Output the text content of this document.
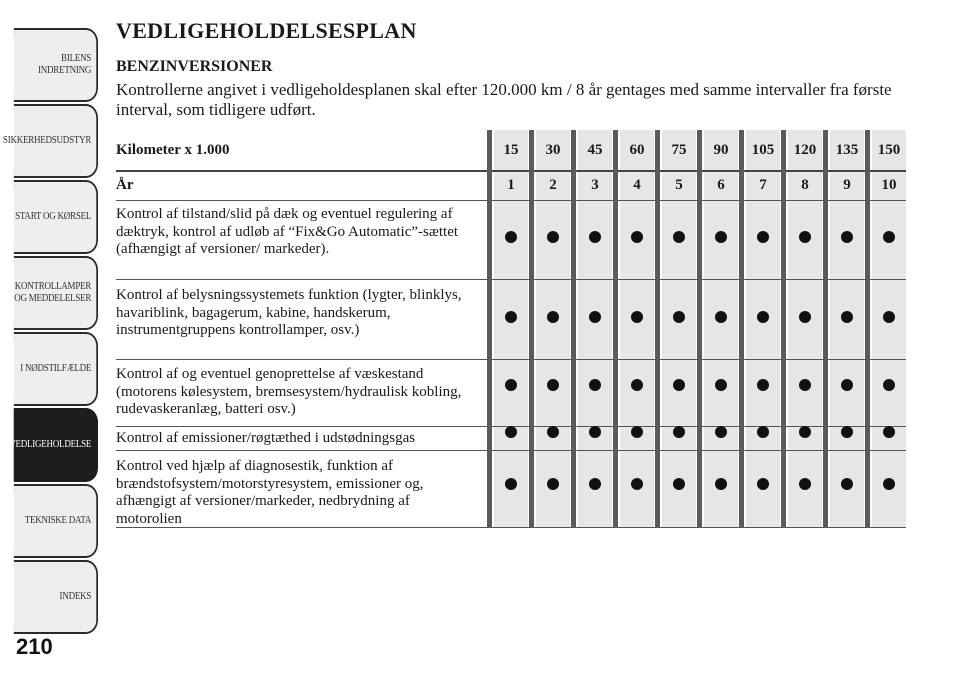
BILENS
INDRETNING
SIKKERHEDSUDSTYR
START OG KØRSEL
KONTROLLAMPER
OG MEDDELELSER
I NØDSTILFÆLDE
VEDLIGEHOLDELSE
TEKNISKE DATA
INDEKS
210
VEDLIGEHOLDELSESPLAN
BENZINVERSIONER
Kontrollerne angivet i vedligeholdesplanen skal efter 120.000 km / 8 år gentages med samme intervaller fra første interval, som tidligere udført.
Kilometer x 1.000
År
Kontrol af tilstand/slid på dæk og eventuel regulering af dæktryk, kontrol af udløb af “Fix&Go Automatic”-sættet (afhængigt af versioner/ markeder).
Kontrol af belysningssystemets funktion (lygter, blinklys, havariblink, bagagerum, kabine, handskerum, instrumentgruppens kontrollamper, osv.)
Kontrol af og eventuel genoprettelse af væskestand (motorens kølesystem, bremsesystem/hydraulisk kobling, rudevaskeranlæg, batteri osv.)
Kontrol af emissioner/røgtæthed i udstødningsgas
Kontrol ved hjælp af diagnosestik, funktion af brændstofsystem/motorstyresystem, emissioner og, afhængigt af versioner/markeder, nedbrydning af motorolien
15
1
30
2
45
3
60
4
75
5
90
6
105
7
120
8
135
9
150
10
